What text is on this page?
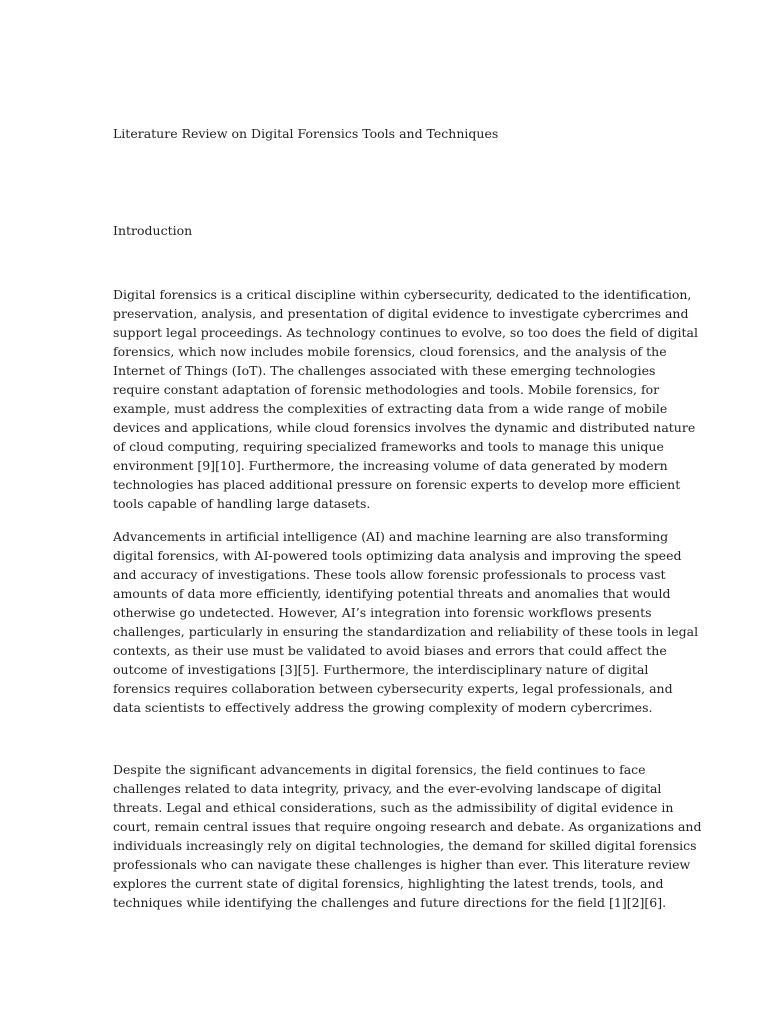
Literature Review on Digital Forensics Tools and Techniques
Introduction

Digital forensics is a critical discipline within cybersecurity, dedicated to the identification,
preservation, analysis, and presentation of digital evidence to investigate cybercrimes and
support legal proceedings. As technology continues to evolve, so too does the field of digital
forensics, which now includes mobile forensics, cloud forensics, and the analysis of the
Internet of Things (IoT). The challenges associated with these emerging technologies
require constant adaptation of forensic methodologies and tools. Mobile forensics, for
example, must address the complexities of extracting data from a wide range of mobile
devices and applications, while cloud forensics involves the dynamic and distributed nature
of cloud computing, requiring specialized frameworks and tools to manage this unique
environment [9][10]. Furthermore, the increasing volume of data generated by modern
technologies has placed additional pressure on forensic experts to develop more efficient
tools capable of handling large datasets.

Advancements in artificial intelligence (AI) and machine learning are also transforming
digital forensics, with AI-powered tools optimizing data analysis and improving the speed
and accuracy of investigations. These tools allow forensic professionals to process vast
amounts of data more efficiently, identifying potential threats and anomalies that would
otherwise go undetected. However, AI’s integration into forensic workflows presents
challenges, particularly in ensuring the standardization and reliability of these tools in legal
contexts, as their use must be validated to avoid biases and errors that could affect the
outcome of investigations [3][5]. Furthermore, the interdisciplinary nature of digital
forensics requires collaboration between cybersecurity experts, legal professionals, and
data scientists to effectively address the growing complexity of modern cybercrimes.

Despite the significant advancements in digital forensics, the field continues to face
challenges related to data integrity, privacy, and the ever-evolving landscape of digital
threats. Legal and ethical considerations, such as the admissibility of digital evidence in
court, remain central issues that require ongoing research and debate. As organizations and
individuals increasingly rely on digital technologies, the demand for skilled digital forensics
professionals who can navigate these challenges is higher than ever. This literature review
explores the current state of digital forensics, highlighting the latest trends, tools, and
techniques while identifying the challenges and future directions for the field [1][2][6].
